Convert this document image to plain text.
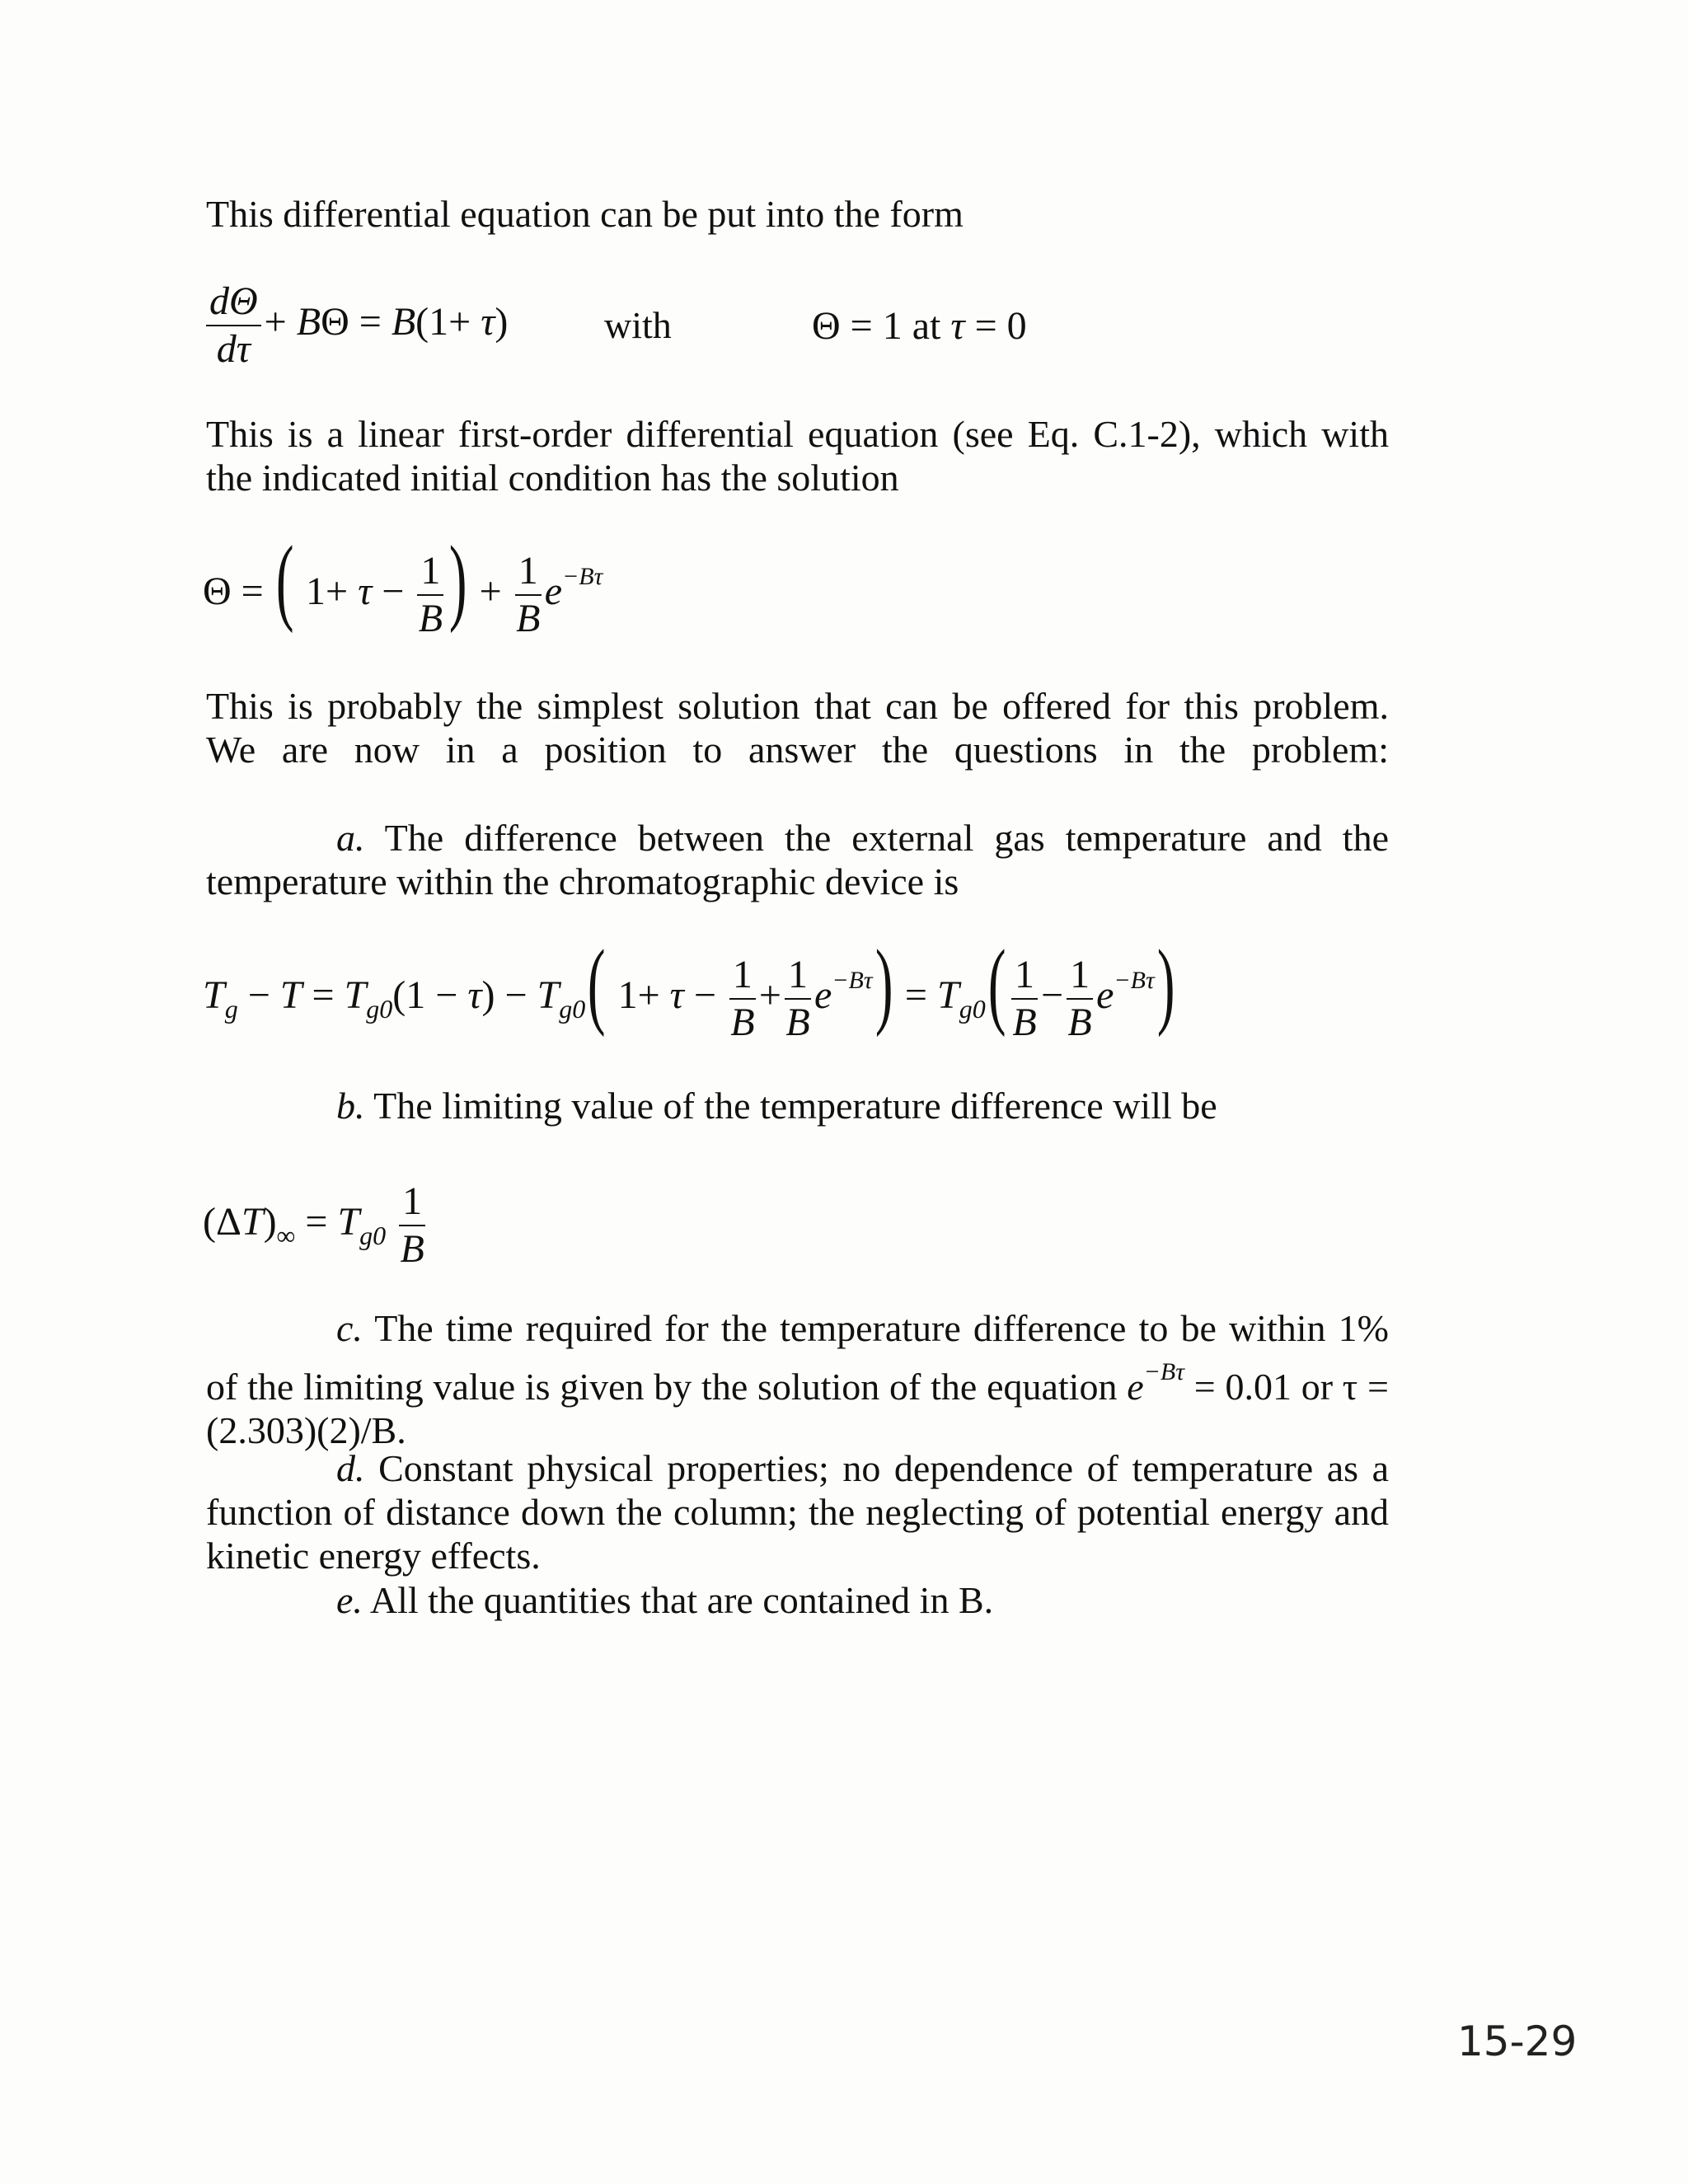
This differential equation can be put into the form
$\frac{d\Theta}{d\tau} + B\Theta = B(1+ \tau)$	with	Θ = 1 at τ = 0
This is a linear first-order differential equation (see Eq. C.1-2), which with the indicated initial condition has the solution
Θ = ( $1+ \tau - \frac{1}{B}$ ) + $\frac{1}{B} e^{-B\tau}$
This is probably the simplest solution that can be offered for this problem. We are now in a position to answer the questions in the problem:
a. The difference between the external gas temperature and the temperature within the chromatographic device is
$T_g - T = T_{g0}(1 - \tau) - T_{g0}$( $1+ \tau - \frac{1}{B} + \frac{1}{B} e^{-B\tau}) = T_{g0}( \frac{1}{B} - \frac{1}{B} e^{-B\tau})$
b. The limiting value of the temperature difference will be
$(\Delta T)_\infty = T_{g0} \frac{1}{B}$
c. The time required for the temperature difference to be within 1% of the limiting value is given by the solution of the equation $e^{-B\tau} = 0.01$ or τ = (2.303)(2)/B.
d. Constant physical properties; no dependence of temperature as a function of distance down the column; the neglecting of potential energy and kinetic energy effects.
e. All the quantities that are contained in B.
15-29
